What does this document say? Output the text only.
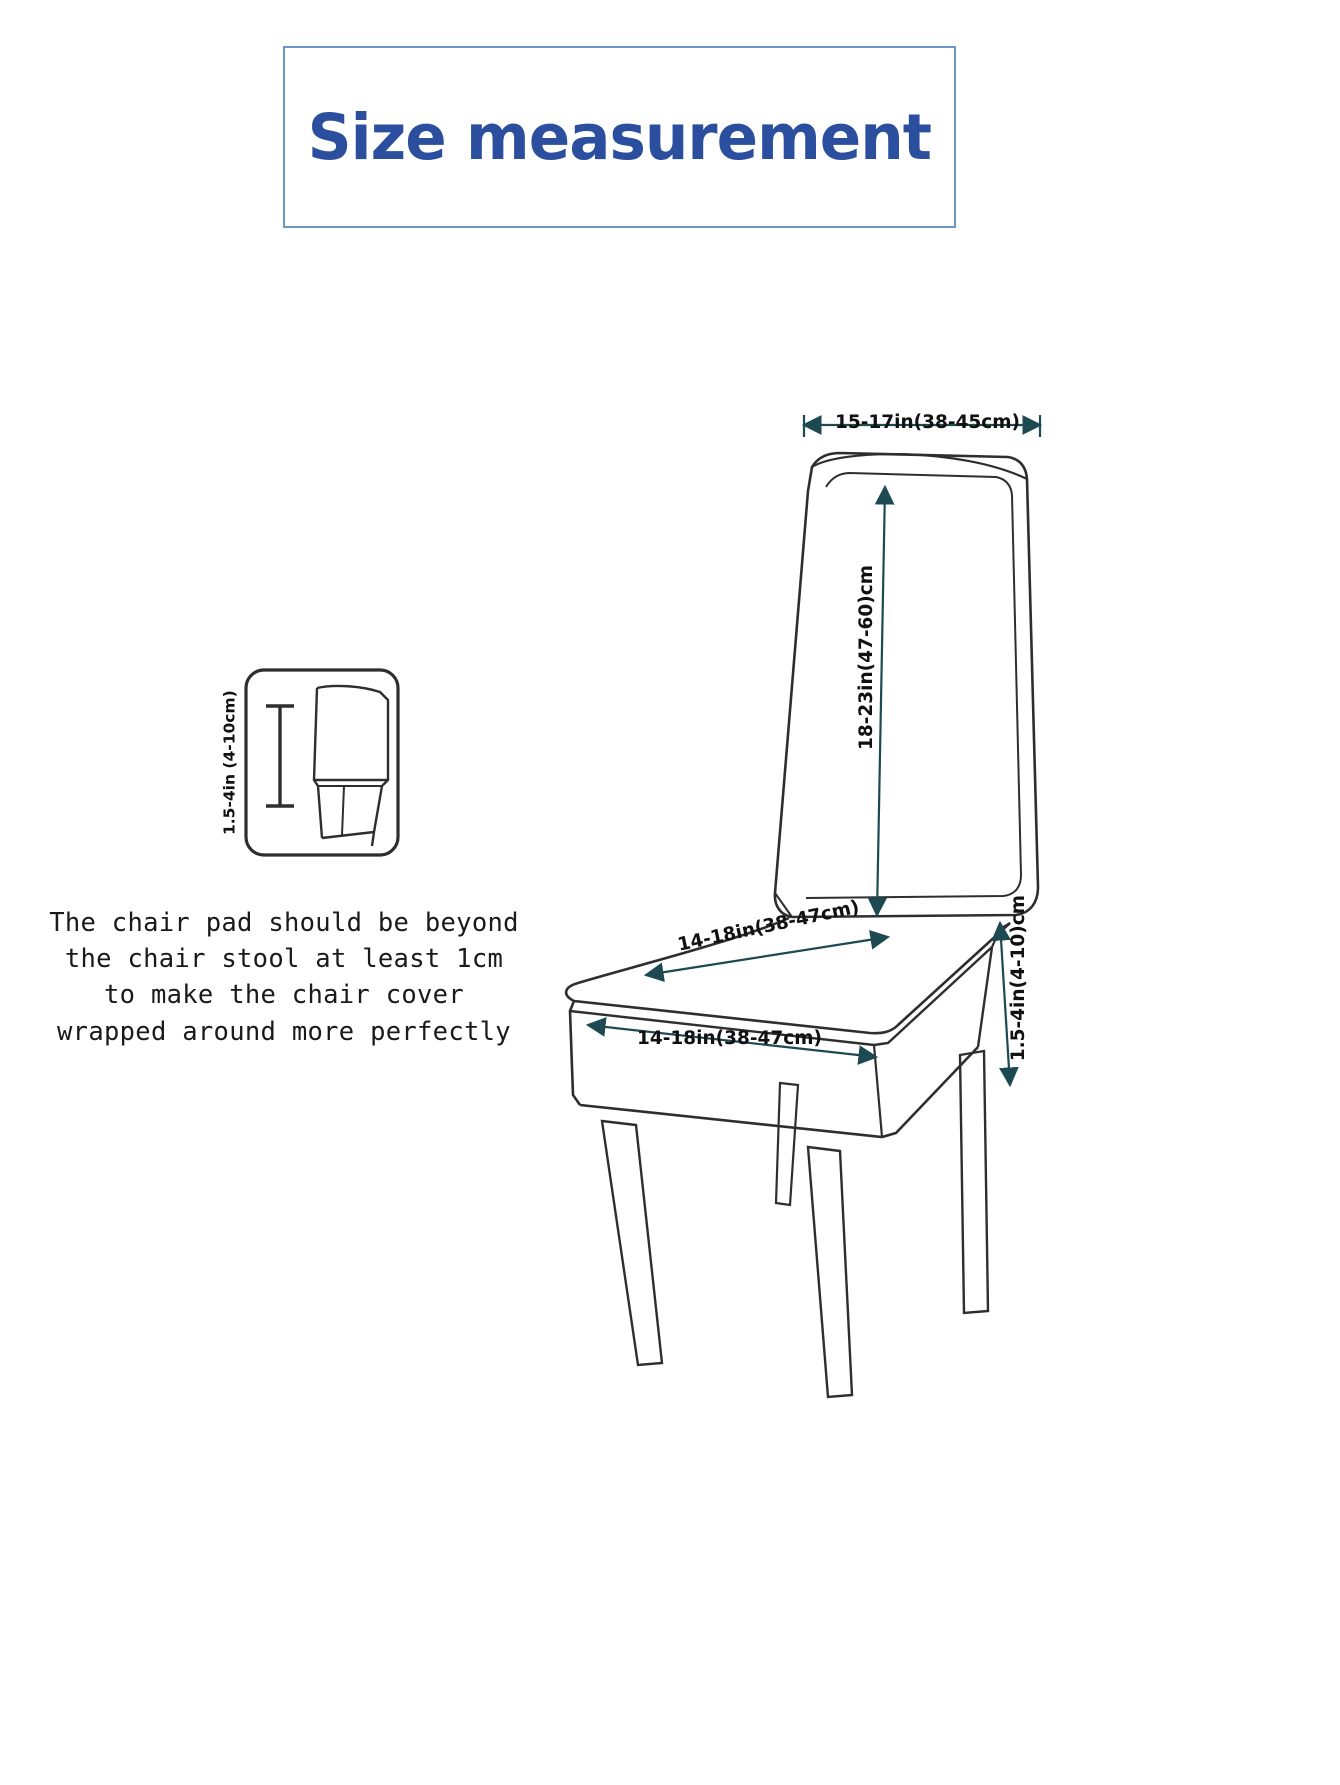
Size measurement
1.5-4in (4-10cm)
The chair pad should be beyond
the chair stool at least 1cm
to make the chair cover
wrapped around more perfectly
15-17in(38-45cm)
18-23in(47-60)cm
1.5-4in(4-10)cm
14-18in(38-47cm)
14-18in(38-47cm)
